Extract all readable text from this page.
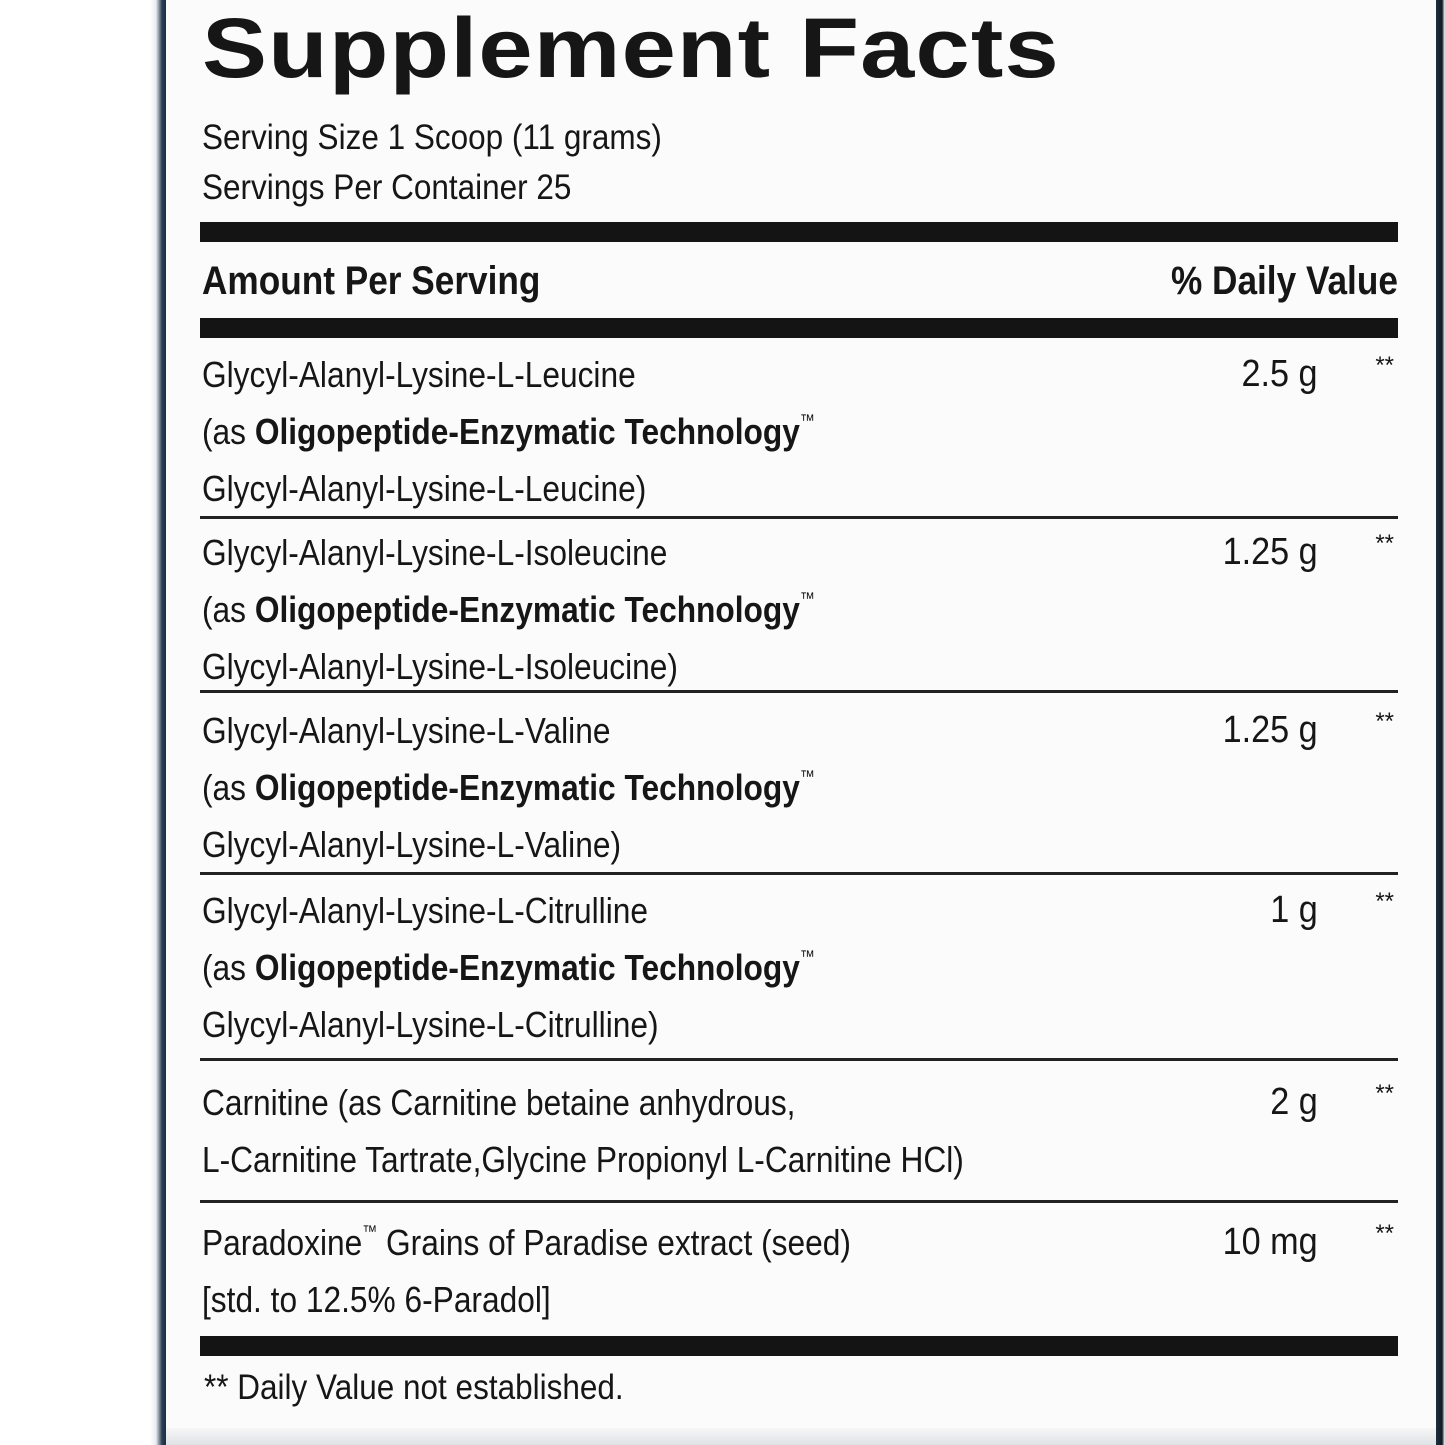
Supplement Facts
Serving Size 1 Scoop (11 grams)
Servings Per Container 25
Amount Per Serving	% Daily Value
Glycyl-Alanyl-Lysine-L-Leucine
(as Oligopeptide-Enzymatic Technology™
Glycyl-Alanyl-Lysine-L-Leucine)
2.5 g **
Glycyl-Alanyl-Lysine-L-Isoleucine
(as Oligopeptide-Enzymatic Technology™
Glycyl-Alanyl-Lysine-L-Isoleucine)
1.25 g **
Glycyl-Alanyl-Lysine-L-Valine
(as Oligopeptide-Enzymatic Technology™
Glycyl-Alanyl-Lysine-L-Valine)
1.25 g **
Glycyl-Alanyl-Lysine-L-Citrulline
(as Oligopeptide-Enzymatic Technology™
Glycyl-Alanyl-Lysine-L-Citrulline)
1 g **
Carnitine (as Carnitine betaine anhydrous,
L-Carnitine Tartrate,Glycine Propionyl L-Carnitine HCl)
2 g **
Paradoxine™ Grains of Paradise extract (seed)
[std. to 12.5% 6-Paradol]
10 mg **
** Daily Value not established.
